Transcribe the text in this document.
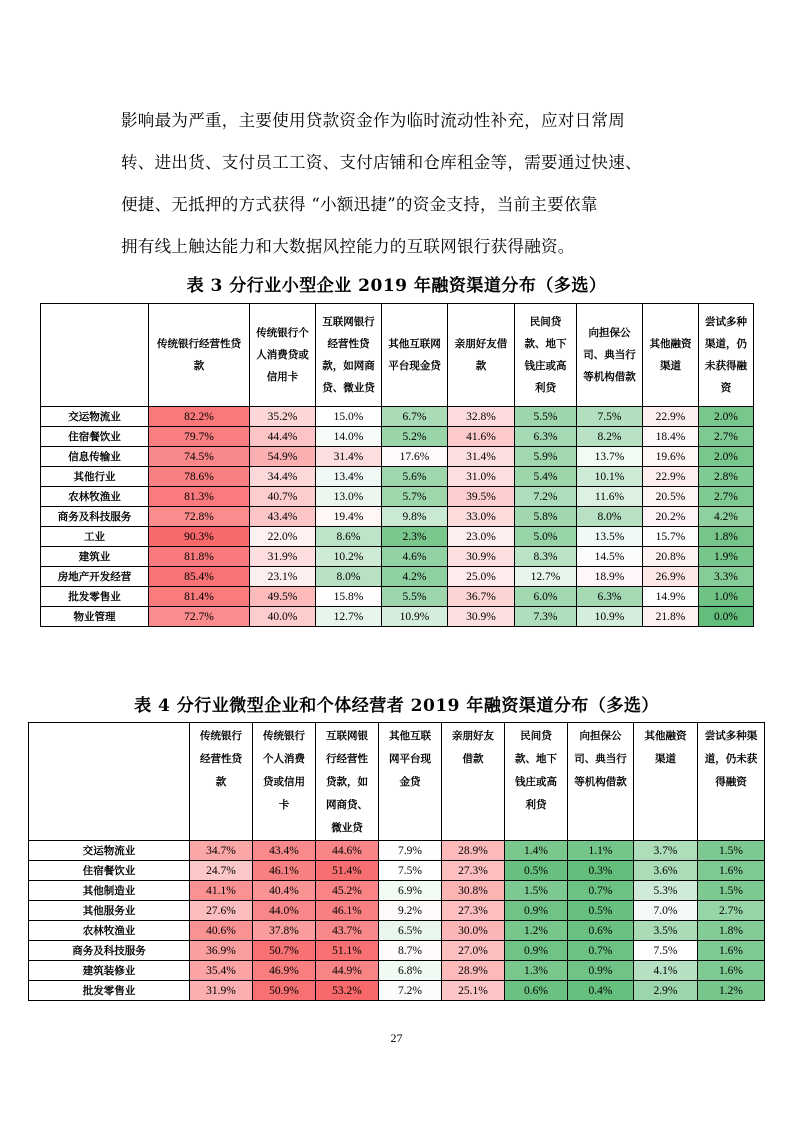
影响最为严重，主要使用贷款资金作为临时流动性补充，应对日常周

转、进出货、支付员工工资、支付店铺和仓库租金等，需要通过快速、

便捷、无抵押的方式获得 “小额迅捷”的资金支持，当前主要依靠

拥有线上触达能力和大数据风控能力的互联网银行获得融资。

表 3 分行业小型企业 2019 年融资渠道分布（多选）
	传统银行经营性贷款	传统银行个人消费贷或信用卡	互联网银行经营性贷款，如网商贷、微业贷	其他互联网平台现金贷	亲朋好友借款	民间贷款、地下钱庄或高利贷	向担保公司、典当行等机构借款	其他融资渠道	尝试多种渠道，仍未获得融资
交运物流业	82.2%	35.2%	15.0%	6.7%	32.8%	5.5%	7.5%	22.9%	2.0%
住宿餐饮业	79.7%	44.4%	14.0%	5.2%	41.6%	6.3%	8.2%	18.4%	2.7%
信息传输业	74.5%	54.9%	31.4%	17.6%	31.4%	5.9%	13.7%	19.6%	2.0%
其他行业	78.6%	34.4%	13.4%	5.6%	31.0%	5.4%	10.1%	22.9%	2.8%
农林牧渔业	81.3%	40.7%	13.0%	5.7%	39.5%	7.2%	11.6%	20.5%	2.7%
商务及科技服务	72.8%	43.4%	19.4%	9.8%	33.0%	5.8%	8.0%	20.2%	4.2%
工业	90.3%	22.0%	8.6%	2.3%	23.0%	5.0%	13.5%	15.7%	1.8%
建筑业	81.8%	31.9%	10.2%	4.6%	30.9%	8.3%	14.5%	20.8%	1.9%
房地产开发经营	85.4%	23.1%	8.0%	4.2%	25.0%	12.7%	18.9%	26.9%	3.3%
批发零售业	81.4%	49.5%	15.8%	5.5%	36.7%	6.0%	6.3%	14.9%	1.0%
物业管理	72.7%	40.0%	12.7%	10.9%	30.9%	7.3%	10.9%	21.8%	0.0%
表 4 分行业微型企业和个体经营者 2019 年融资渠道分布（多选）
	传统银行经营性贷款	传统银行个人消费贷或信用卡	互联网银行经营性贷款，如网商贷、微业贷	其他互联网平台现金贷	亲朋好友借款	民间贷款、地下钱庄或高利贷	向担保公司、典当行等机构借款	其他融资渠道	尝试多种渠道，仍未获得融资
交运物流业	34.7%	43.4%	44.6%	7.9%	28.9%	1.4%	1.1%	3.7%	1.5%
住宿餐饮业	24.7%	46.1%	51.4%	7.5%	27.3%	0.5%	0.3%	3.6%	1.6%
其他制造业	41.1%	40.4%	45.2%	6.9%	30.8%	1.5%	0.7%	5.3%	1.5%
其他服务业	27.6%	44.0%	46.1%	9.2%	27.3%	0.9%	0.5%	7.0%	2.7%
农林牧渔业	40.6%	37.8%	43.7%	6.5%	30.0%	1.2%	0.6%	3.5%	1.8%
商务及科技服务	36.9%	50.7%	51.1%	8.7%	27.0%	0.9%	0.7%	7.5%	1.6%
建筑装修业	35.4%	46.9%	44.9%	6.8%	28.9%	1.3%	0.9%	4.1%	1.6%
批发零售业	31.9%	50.9%	53.2%	7.2%	25.1%	0.6%	0.4%	2.9%	1.2%
27
